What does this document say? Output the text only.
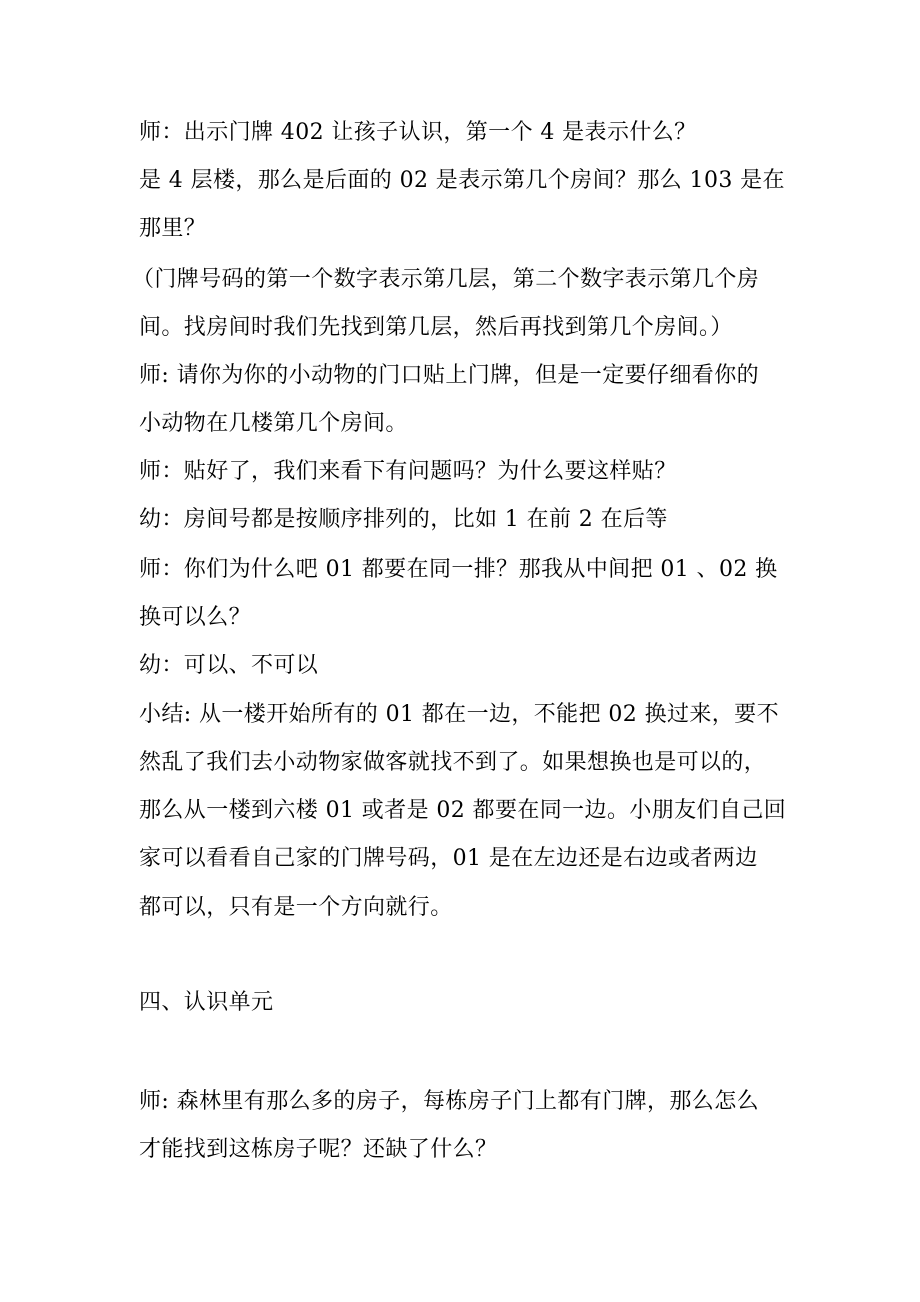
师：出示门牌 402 让孩子认识，第一个 4 是表示什么？
是 4 层楼，那么是后面的 02 是表示第几个房间？那么 103 是在
那里？
（门牌号码的第一个数字表示第几层，第二个数字表示第几个房
间。找房间时我们先找到第几层，然后再找到第几个房间。）
师: 请你为你的小动物的门口贴上门牌，但是一定要仔细看你的
小动物在几楼第几个房间。
师：贴好了，我们来看下有问题吗？为什么要这样贴？
幼：房间号都是按顺序排列的，比如 1 在前 2 在后等
师：你们为什么吧 01 都要在同一排？那我从中间把 01 、02 换
换可以么？
幼：可以、不可以
小结: 从一楼开始所有的 01 都在一边，不能把 02 换过来，要不
然乱了我们去小动物家做客就找不到了。如果想换也是可以的，
那么从一楼到六楼 01 或者是 02 都要在同一边。小朋友们自己回
家可以看看自己家的门牌号码，01 是在左边还是右边或者两边
都可以，只有是一个方向就行。
四、认识单元
师: 森林里有那么多的房子，每栋房子门上都有门牌，那么怎么
才能找到这栋房子呢？还缺了什么？
